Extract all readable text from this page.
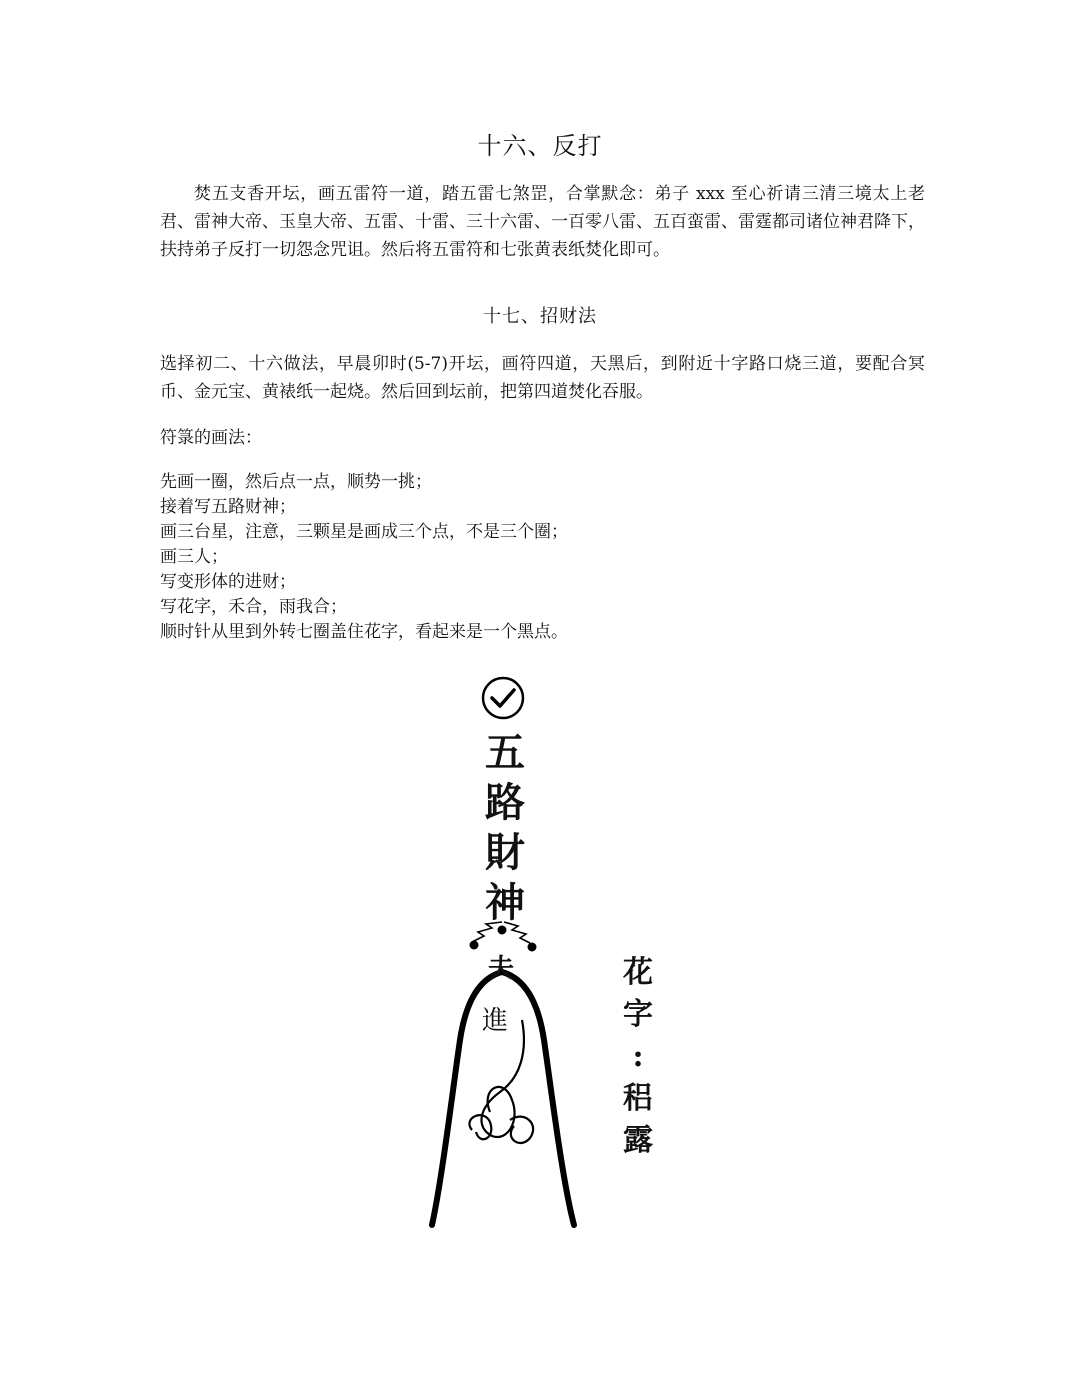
十六、反打
焚五支香开坛，画五雷符一道，踏五雷七煞罡，合掌默念：弟子 xxx 至心祈请三清三境太上老君、雷神大帝、玉皇大帝、五雷、十雷、三十六雷、一百零八雷、五百蛮雷、雷霆都司诸位神君降下，扶持弟子反打一切怨念咒诅。然后将五雷符和七张黄表纸焚化即可。
十七、招财法
选择初二、十六做法，早晨卯时(5-7)开坛，画符四道，天黑后，到附近十字路口烧三道，要配合冥币、金元宝、黄裱纸一起烧。然后回到坛前，把第四道焚化吞服。
符箓的画法：
先画一圈，然后点一点，顺势一挑；
接着写五路财神；
画三台星，注意，三颗星是画成三个点，不是三个圈；
画三人；
写变形体的进财；
写花字，禾合，雨我合；
顺时针从里到外转七圈盖住花字，看起来是一个黑点。
五
路
財
神
夫
進
花
字
:
稆
露
